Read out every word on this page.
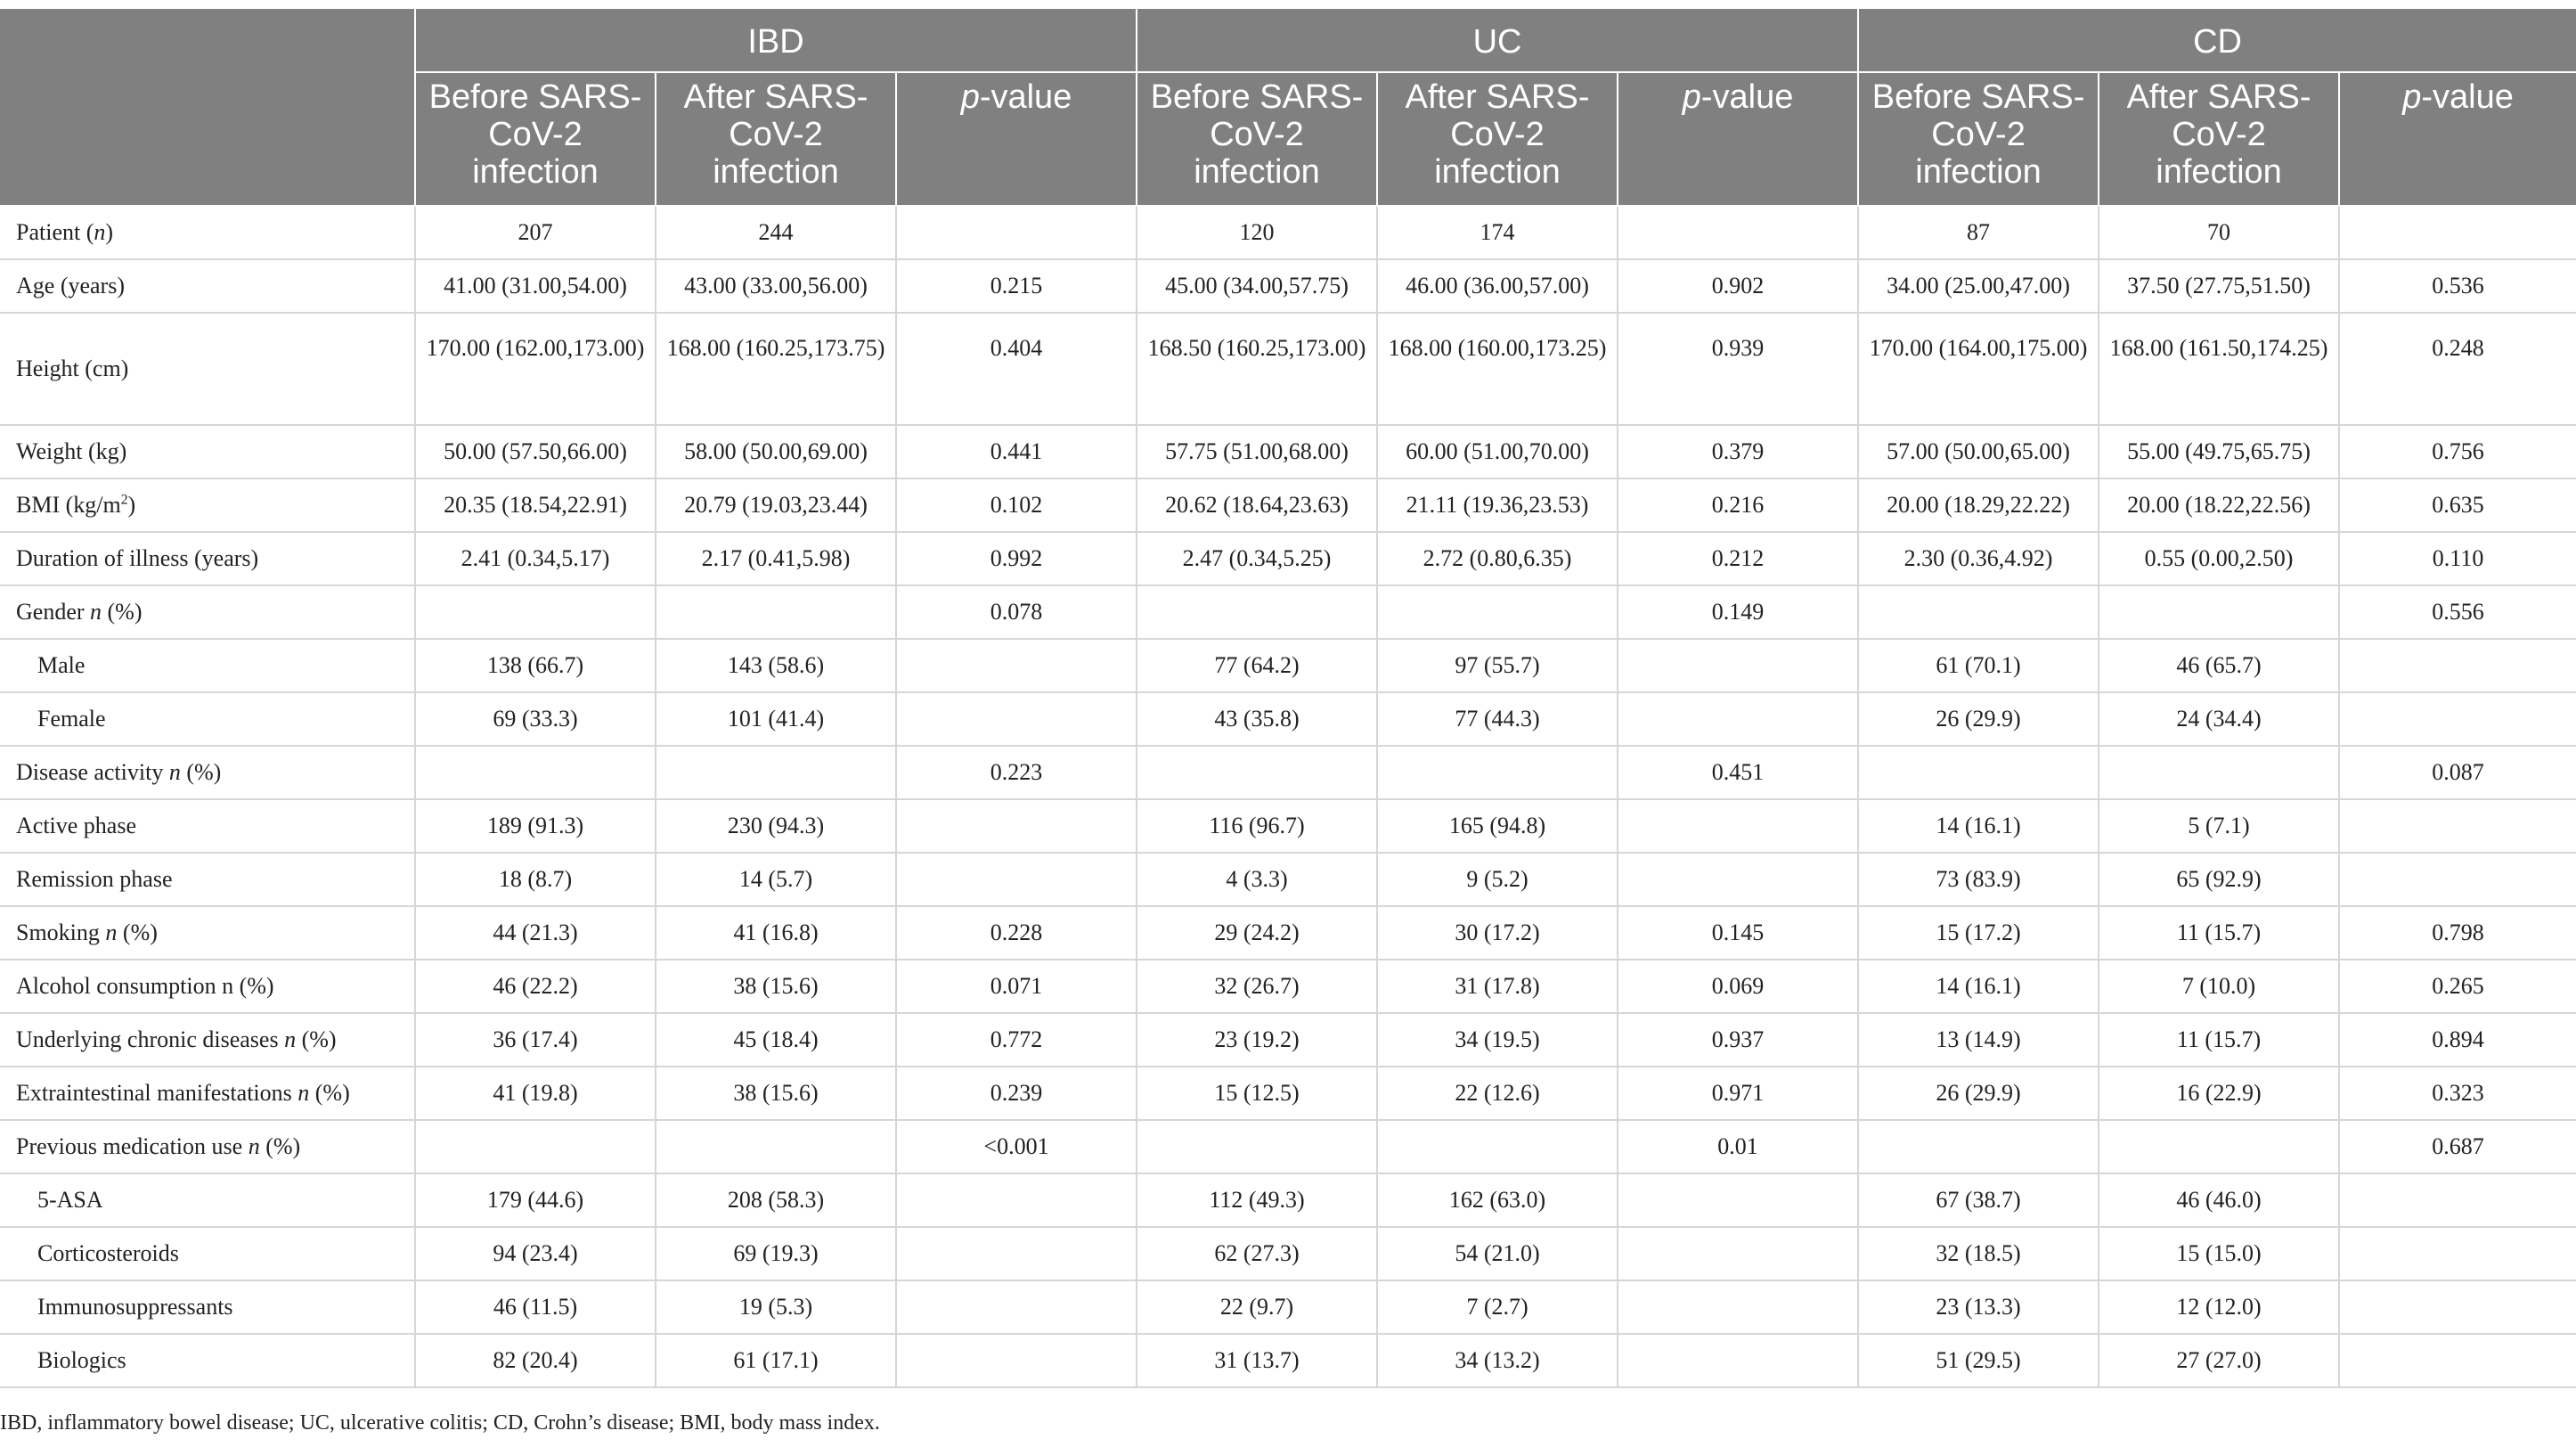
	IBD			UC			CD		
	Before SARS-CoV-2 infection	After SARS-CoV-2 infection	p-value	Before SARS-CoV-2 infection	After SARS-CoV-2 infection	p-value	Before SARS-CoV-2 infection	After SARS-CoV-2 infection	p-value
Patient (n)	207	244		120	174		87	70	
Age (years)	41.00 (31.00,54.00)	43.00 (33.00,56.00)	0.215	45.00 (34.00,57.75)	46.00 (36.00,57.00)	0.902	34.00 (25.00,47.00)	37.50 (27.75,51.50)	0.536
Height (cm)	170.00 (162.00,173.00)	168.00 (160.25,173.75)	0.404	168.50 (160.25,173.00)	168.00 (160.00,173.25)	0.939	170.00 (164.00,175.00)	168.00 (161.50,174.25)	0.248
Weight (kg)	50.00 (57.50,66.00)	58.00 (50.00,69.00)	0.441	57.75 (51.00,68.00)	60.00 (51.00,70.00)	0.379	57.00 (50.00,65.00)	55.00 (49.75,65.75)	0.756
BMI $(kg/m^2)$	20.35 (18.54,22.91)	20.79 (19.03,23.44)	0.102	20.62 (18.64,23.63)	21.11 (19.36,23.53)	0.216	20.00 (18.29,22.22)	20.00 (18.22,22.56)	0.635
Duration of illness (years)	2.41 (0.34,5.17)	2.17 (0.41,5.98)	0.992	2.47 (0.34,5.25)	2.72 (0.80,6.35)	0.212	2.30 (0.36,4.92)	0.55 (0.00,2.50)	0.110
Gender n (%)			0.078			0.149			0.556
Male	138 (66.7)	143 (58.6)		77 (64.2)	97 (55.7)		61 (70.1)	46 (65.7)	
Female	69 (33.3)	101 (41.4)		43 (35.8)	77 (44.3)		26 (29.9)	24 (34.4)	
Disease activity n (%)			0.223			0.451			0.087
Active phase	189 (91.3)	230 (94.3)		116 (96.7)	165 (94.8)		14 (16.1)	5 (7.1)	
Remission phase	18 (8.7)	14 (5.7)		4 (3.3)	9 (5.2)		73 (83.9)	65 (92.9)	
Smoking n (%)	44 (21.3)	41 (16.8)	0.228	29 (24.2)	30 (17.2)	0.145	15 (17.2)	11 (15.7)	0.798
Alcohol consumption n (%)	46 (22.2)	38 (15.6)	0.071	32 (26.7)	31 (17.8)	0.069	14 (16.1)	7 (10.0)	0.265
Underlying chronic diseases n (%)	36 (17.4)	45 (18.4)	0.772	23 (19.2)	34 (19.5)	0.937	13 (14.9)	11 (15.7)	0.894
Extraintestinal manifestations n (%)	41 (19.8)	38 (15.6)	0.239	15 (12.5)	22 (12.6)	0.971	26 (29.9)	16 (22.9)	0.323
Previous medication use n (%)			<0.001			0.01			0.687
5-ASA	179 (44.6)	208 (58.3)		112 (49.3)	162 (63.0)		67 (38.7)	46 (46.0)	
Corticosteroids	94 (23.4)	69 (19.3)		62 (27.3)	54 (21.0)		32 (18.5)	15 (15.0)	
Immunosuppressants	46 (11.5)	19 (5.3)		22 (9.7)	7 (2.7)		23 (13.3)	12 (12.0)	
Biologics	82 (20.4)	61 (17.1)		31 (13.7)	34 (13.2)		51 (29.5)	27 (27.0)	
IBD, inflammatory bowel disease; UC, ulcerative colitis; CD, Crohn’s disease; BMI, body mass index.
